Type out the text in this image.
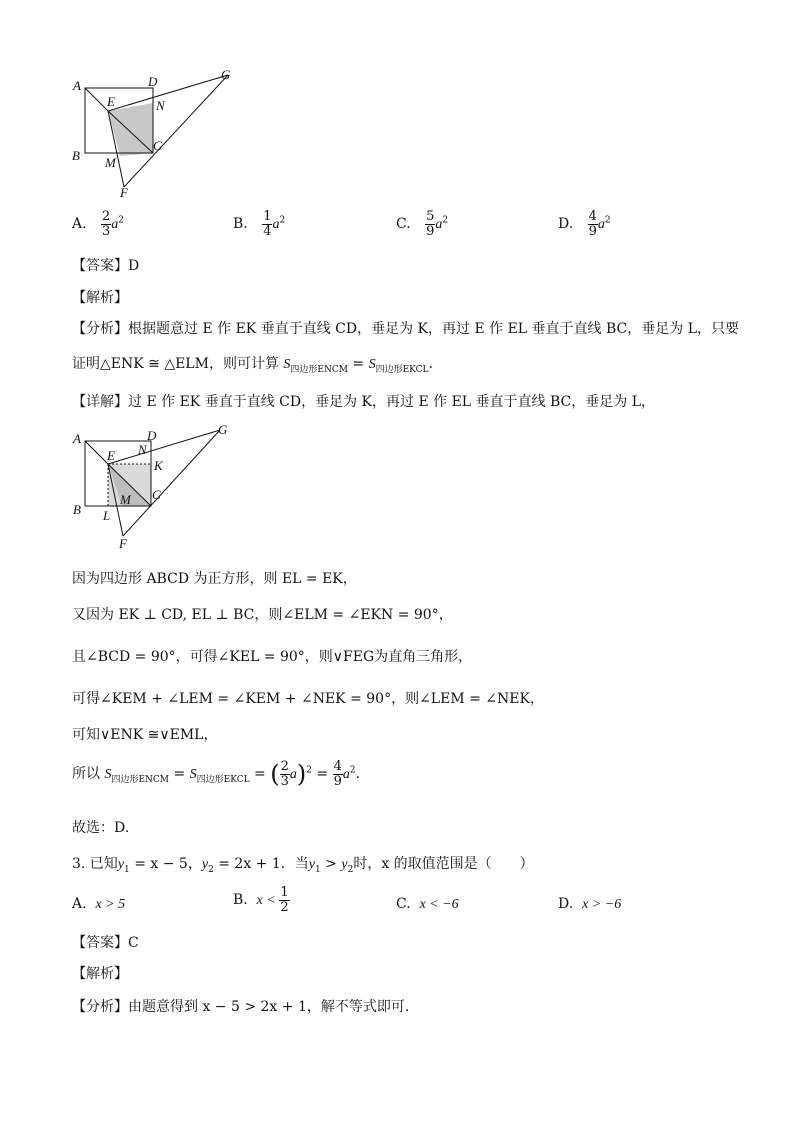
A	D	G
E	N
B M
C
F
A. $\frac{2}{3} a^2$	B. $\frac{1}{4} a^2$	C. $\frac{5}{9} a^2$	D. $\frac{4}{9} a^2$
【答案】D
【解析】
【分析】根据题意过 E 作 EK 垂直于直线 CD，垂足为 K，再过 E 作 EL 垂直于直线 BC，垂足为 L，只要
证明△ENK ≅ △ELM，则可计算 $S_{四边形ENCM} = S_{四边形EKCL}$.
【详解】过 E 作 EK 垂直于直线 CD，垂足为 K，再过 E 作 EL 垂直于直线 BC，垂足为 L，
A	D	G
E N
K
B L
M C
F
因为四边形 ABCD 为正方形，则 EL = EK，
又因为 EK ⊥ CD, EL ⊥ BC，则∠ELM = ∠EKN = 90°，
且∠BCD = 90°，可得∠KEL = 90°，则∨FEG为直角三角形，
可得∠KEM + ∠LEM = ∠KEM + ∠NEK = 90°，则∠LEM = ∠NEK，
可知∨ENK ≅∨EML，
所以 $S_{四边形ENCM} = S_{四边形EKCL}$ = ( $\frac{2}{3} a)^2 = \frac{4}{9} a^2$.
故选：D.
3. 已知$y_1 = x - 5$，$y_2 = 2x + 1$．当$y_1 > y_2$时，x 的取值范围是（　　）
A. x > 5	B. $x < \frac{1}{2}$	C. x < −6	D. x > −6
【答案】C
【解析】
【分析】由题意得到 x − 5 > 2x + 1，解不等式即可．
